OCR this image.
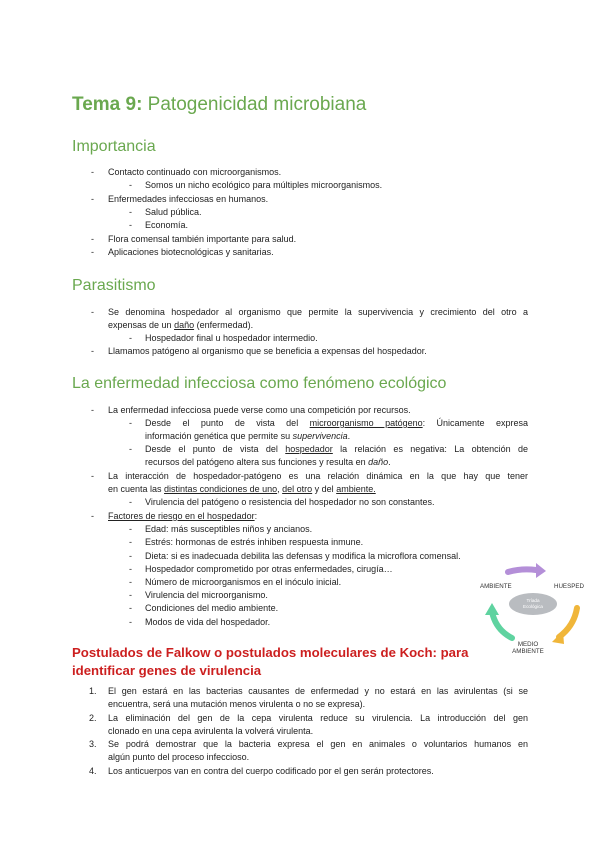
Tema 9: Patogenicidad microbiana
Importancia
- Contacto continuado con microorganismos.
- Somos un nicho ecológico para múltiples microorganismos.
- Enfermedades infecciosas en humanos.
- Salud pública.
- Economía.
- Flora comensal también importante para salud.
- Aplicaciones biotecnológicas y sanitarias.
Parasitismo
- Se denomina hospedador al organismo que permite la supervivencia y crecimiento del otro a
expensas de un daño (enfermedad).
- Hospedador final u hospedador intermedio.
- Llamamos patógeno al organismo que se beneficia a expensas del hospedador.
La enfermedad infecciosa como fenómeno ecológico
- La enfermedad infecciosa puede verse como una competición por recursos.
- Desde el punto de vista del microorganismo patógeno: Únicamente expresa
información genética que permite su supervivencia.
- Desde el punto de vista del hospedador la relación es negativa: La obtención de
recursos del patógeno altera sus funciones y resulta en daño.
- La interacción de hospedador-patógeno es una relación dinámica en la que hay que tener
en cuenta las distintas condiciones de uno, del otro y del ambiente.
- Virulencia del patógeno o resistencia del hospedador no son constantes.
- Factores de riesgo en el hospedador:
- Edad: más susceptibles niños y ancianos.
- Estrés: hormonas de estrés inhiben respuesta inmune.
- Dieta: si es inadecuada debilita las defensas y modifica la microflora comensal.
- Hospedador comprometido por otras enfermedades, cirugía…
- Número de microorganismos en el inóculo inicial.
- Virulencia del microorganismo.
- Condiciones del medio ambiente.
- Modos de vida del hospedador.
Tríada
Ecológica
AMBIENTE	HUESPED
MEDIO
AMBIENTE
Postulados de Falkow o postulados moleculares de Koch: para identificar genes de virulencia
1. El gen estará en las bacterias causantes de enfermedad y no estará en las avirulentas (si se
encuentra, será una mutación menos virulenta o no se expresa).
2. La eliminación del gen de la cepa virulenta reduce su virulencia. La introducción del gen
clonado en una cepa avirulenta la volverá virulenta.
3. Se podrá demostrar que la bacteria expresa el gen en animales o voluntarios humanos en
algún punto del proceso infeccioso.
4. Los anticuerpos van en contra del cuerpo codificado por el gen serán protectores.
